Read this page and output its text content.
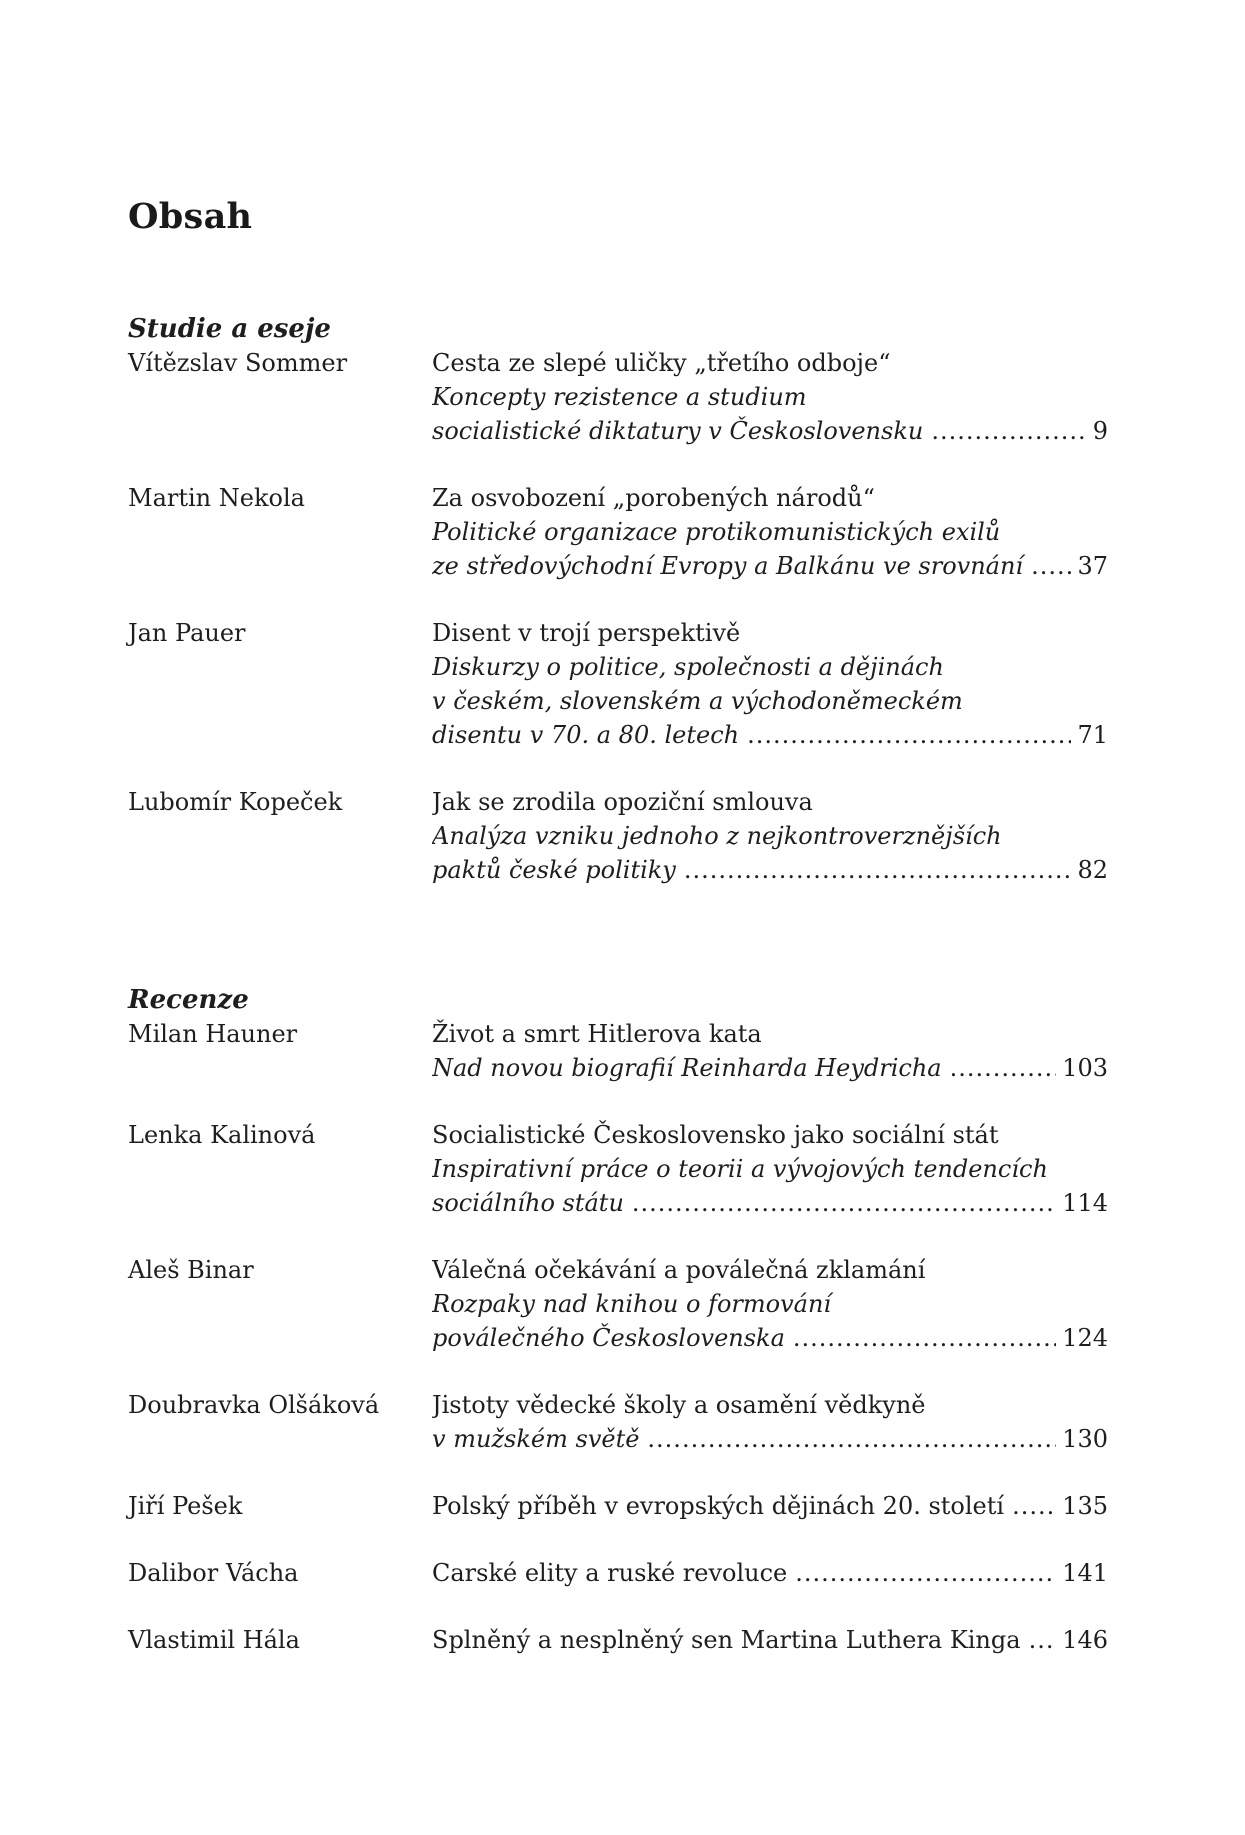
Obsah
Studie a eseje
Vítězslav Sommer	Cesta ze slepé uličky „třetího odboje“
Koncepty rezistence a studium
socialistické diktatury v Československu .....	9
Martin Nekola	Za osvobození „porobených národů“
Politické organizace protikomunistických exilů
ze středovýchodní Evropy a Balkánu ve srovnání ..... 37
Jan Pauer	Disent v trojí perspektivě
Diskurzy o politice, společnosti a dějinách
v českém, slovenském a východoněmeckém
disentu v 70. a 80. letech .....	71
Lubomír Kopeček	Jak se zrodila opoziční smlouva
Analýza vzniku jednoho z nejkontroverznějších
paktů české politiky .....	82
Recenze
Milan Hauner	Život a smrt Hitlerova kata
Nad novou biografií Reinharda Heydricha .....	103
Lenka Kalinová	Socialistické Československo jako sociální stát
Inspirativní práce o teorii a vývojových tendencích
sociálního státu .....	114
Aleš Binar	Válečná očekávání a poválečná zklamání
Rozpaky nad knihou o formování
poválečného Československa .....	124
Doubravka Olšáková	Jistoty vědecké školy a osamění vědkyně
v mužském světě .....	130
Jiří Pešek	Polský příběh v evropských dějinách 20. století ..... 135
Dalibor Vácha	Carské elity a ruské revoluce .....	141
Vlastimil Hála	Splněný a nesplněný sen Martina Luthera Kinga ..... 146
